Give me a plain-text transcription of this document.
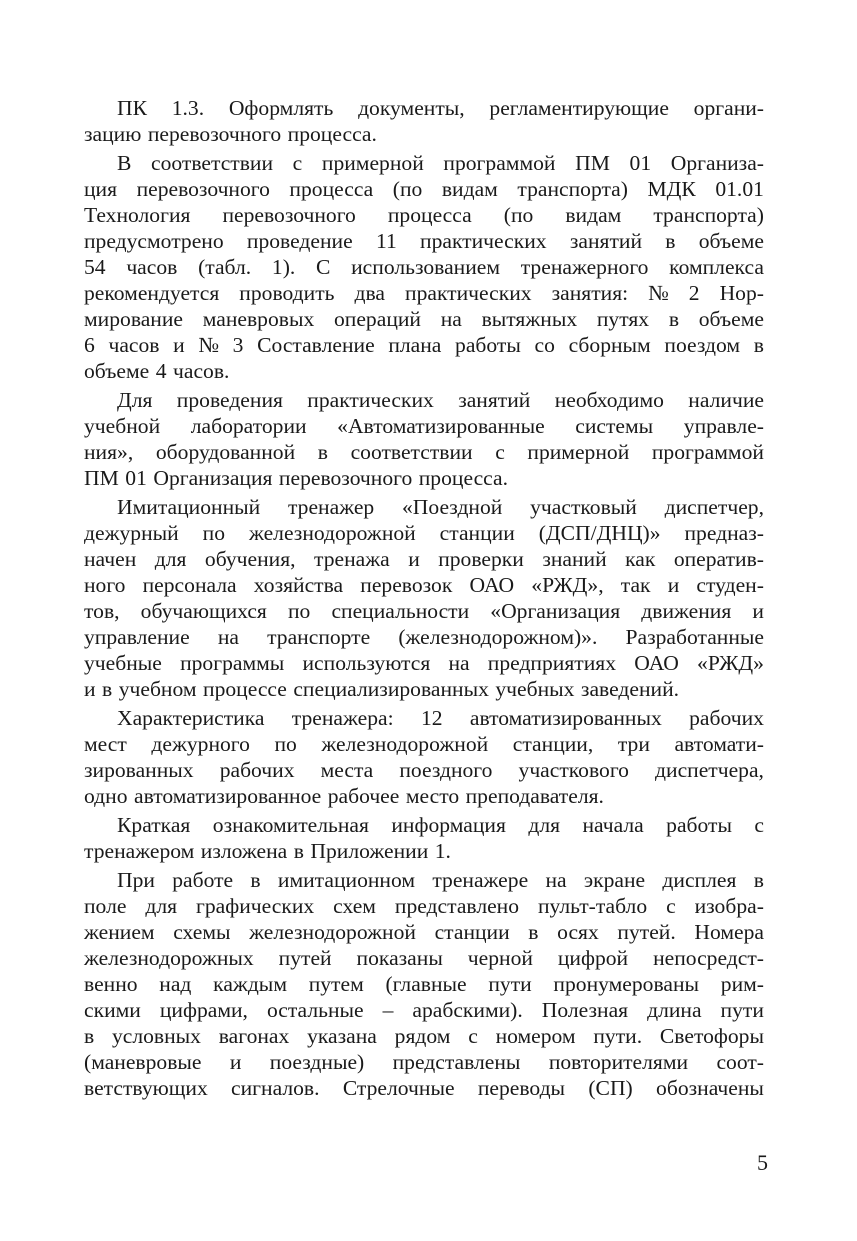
ПК 1.3. Оформлять документы, регламентирующие органи-
зацию перевозочного процесса.
В соответствии с примерной программой ПМ 01 Организа-
ция перевозочного процесса (по видам транспорта) МДК 01.01
Технология перевозочного процесса (по видам транспорта)
предусмотрено проведение 11 практических занятий в объеме
54 часов (табл. 1). С использованием тренажерного комплекса
рекомендуется проводить два практических занятия: № 2 Нор-
мирование маневровых операций на вытяжных путях в объеме
6 часов и № 3 Составление плана работы со сборным поездом в
объеме 4 часов.
Для проведения практических занятий необходимо наличие
учебной лаборатории «Автоматизированные системы управле-
ния», оборудованной в соответствии с примерной программой
ПМ 01 Организация перевозочного процесса.
Имитационный тренажер «Поездной участковый диспетчер,
дежурный по железнодорожной станции (ДСП/ДНЦ)» предназ-
начен для обучения, тренажа и проверки знаний как оператив-
ного персонала хозяйства перевозок ОАО «РЖД», так и студен-
тов, обучающихся по специальности «Организация движения и
управление на транспорте (железнодорожном)». Разработанные
учебные программы используются на предприятиях ОАО «РЖД»
и в учебном процессе специализированных учебных заведений.
Характеристика тренажера: 12 автоматизированных рабочих
мест дежурного по железнодорожной станции, три автомати-
зированных рабочих места поездного участкового диспетчера,
одно автоматизированное рабочее место преподавателя.
Краткая ознакомительная информация для начала работы с
тренажером изложена в Приложении 1.
При работе в имитационном тренажере на экране дисплея в
поле для графических схем представлено пульт-табло с изобра-
жением схемы железнодорожной станции в осях путей. Номера
железнодорожных путей показаны черной цифрой непосредст-
венно над каждым путем (главные пути пронумерованы рим-
скими цифрами, остальные – арабскими). Полезная длина пути
в условных вагонах указана рядом с номером пути. Светофоры
(маневровые и поездные) представлены повторителями соот-
ветствующих сигналов. Стрелочные переводы (СП) обозначены
5
